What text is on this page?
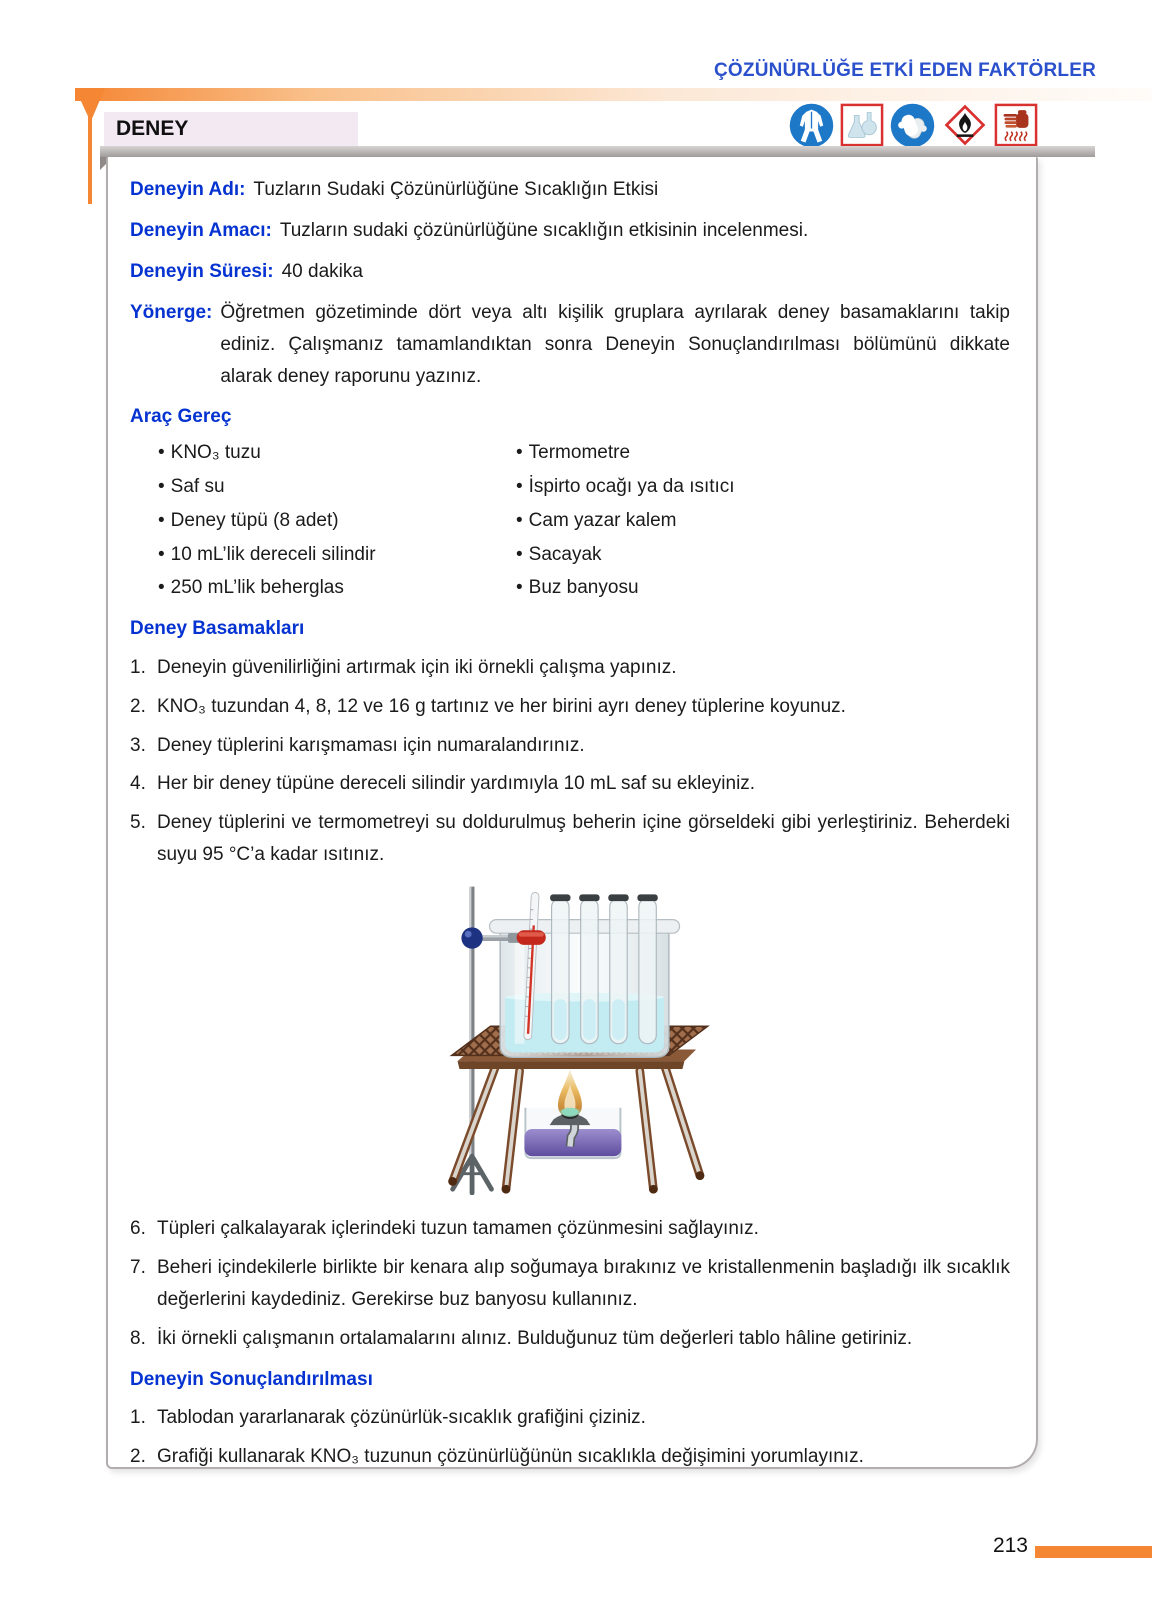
ÇÖZÜNÜRLÜĞE ETKİ EDEN FAKTÖRLER
DENEY
Deneyin Adı: Tuzların Sudaki Çözünürlüğüne Sıcaklığın Etkisi
Deneyin Amacı: Tuzların sudaki çözünürlüğüne sıcaklığın etkisinin incelenmesi.
Deneyin Süresi: 40 dakika
Yönerge: Öğretmen gözetiminde dört veya altı kişilik gruplara ayrılarak deney basamaklarını takip ediniz. Çalışmanız tamamlandıktan sonra Deneyin Sonuçlandırılması bölümünü dikkate alarak deney raporunu yazınız.
Araç Gereç
• KNO₃ tuzu
• Saf su
• Deney tüpü (8 adet)
• 10 mL’lik dereceli silindir
• 250 mL’lik beherglas
• Termometre
• İspirto ocağı ya da ısıtıcı
• Cam yazar kalem
• Sacayak
• Buz banyosu
Deney Basamakları
1. Deneyin güvenilirliğini artırmak için iki örnekli çalışma yapınız.
2. KNO₃ tuzundan 4, 8, 12 ve 16 g tartınız ve her birini ayrı deney tüplerine koyunuz.
3. Deney tüplerini karışmaması için numaralandırınız.
4. Her bir deney tüpüne dereceli silindir yardımıyla 10 mL saf su ekleyiniz.
5. Deney tüplerini ve termometreyi su doldurulmuş beherin içine görseldeki gibi yerleştiriniz. Beherdeki suyu 95 °C’a kadar ısıtınız.
6. Tüpleri çalkalayarak içlerindeki tuzun tamamen çözünmesini sağlayınız.
7. Beheri içindekilerle birlikte bir kenara alıp soğumaya bırakınız ve kristallenmenin başladığı ilk sıcaklık değerlerini kaydediniz. Gerekirse buz banyosu kullanınız.
8. İki örnekli çalışmanın ortalamalarını alınız. Bulduğunuz tüm değerleri tablo hâline getiriniz.
Deneyin Sonuçlandırılması
1. Tablodan yararlanarak çözünürlük-sıcaklık grafiğini çiziniz.
2. Grafiği kullanarak KNO₃ tuzunun çözünürlüğünün sıcaklıkla değişimini yorumlayınız.
213
